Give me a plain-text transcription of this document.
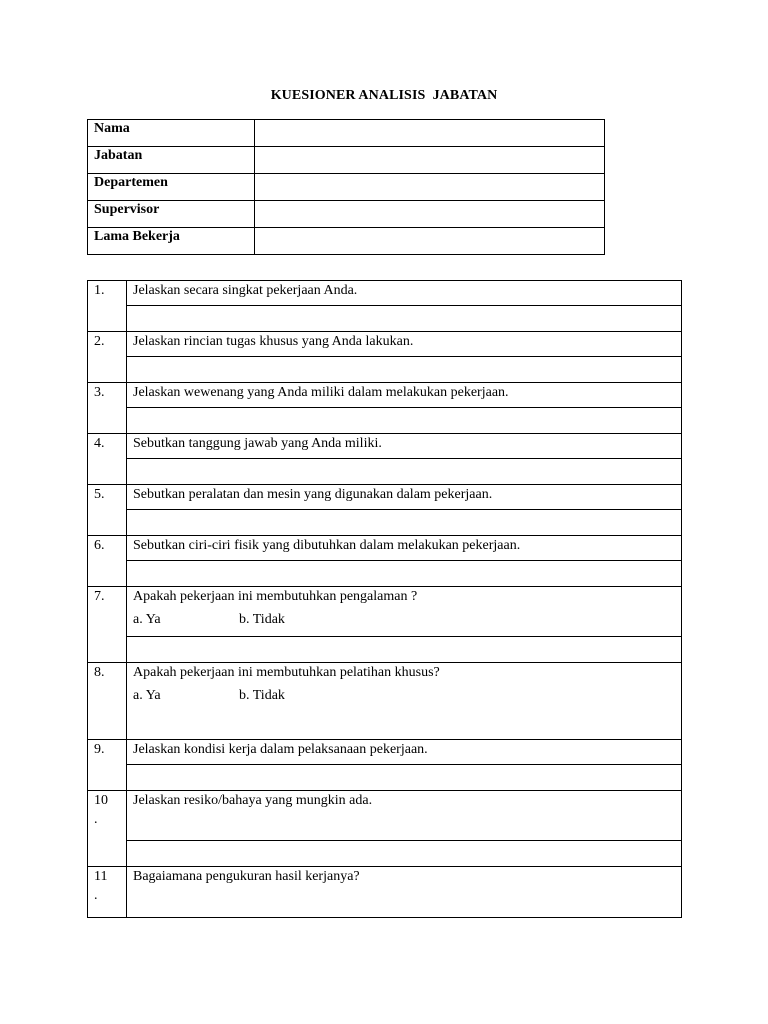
KUESIONER ANALISIS  JABATAN
Nama	
Jabatan	
Departemen	
Supervisor	
Lama Bekerja	
1.	Jelaskan secara singkat pekerjaan Anda.

2.	Jelaskan rincian tugas khusus yang Anda lakukan.

3.	Jelaskan wewenang yang Anda miliki dalam melakukan pekerjaan.

4.	Sebutkan tanggung jawab yang Anda miliki.

5.	Sebutkan peralatan dan mesin yang digunakan dalam pekerjaan.

6.	Sebutkan ciri-ciri fisik yang dibutuhkan dalam melakukan pekerjaan.

7.	Apakah pekerjaan ini membutuhkan pengalaman ?
a. Ya b. Tidak

8.	Apakah pekerjaan ini membutuhkan pelatihan khusus?
a. Ya b. Tidak

9.	Jelaskan kondisi kerja dalam pelaksanaan pekerjaan.

10
.	Jelaskan resiko/bahaya yang mungkin ada.

11
.	Bagaiamana pengukuran hasil kerjanya?
